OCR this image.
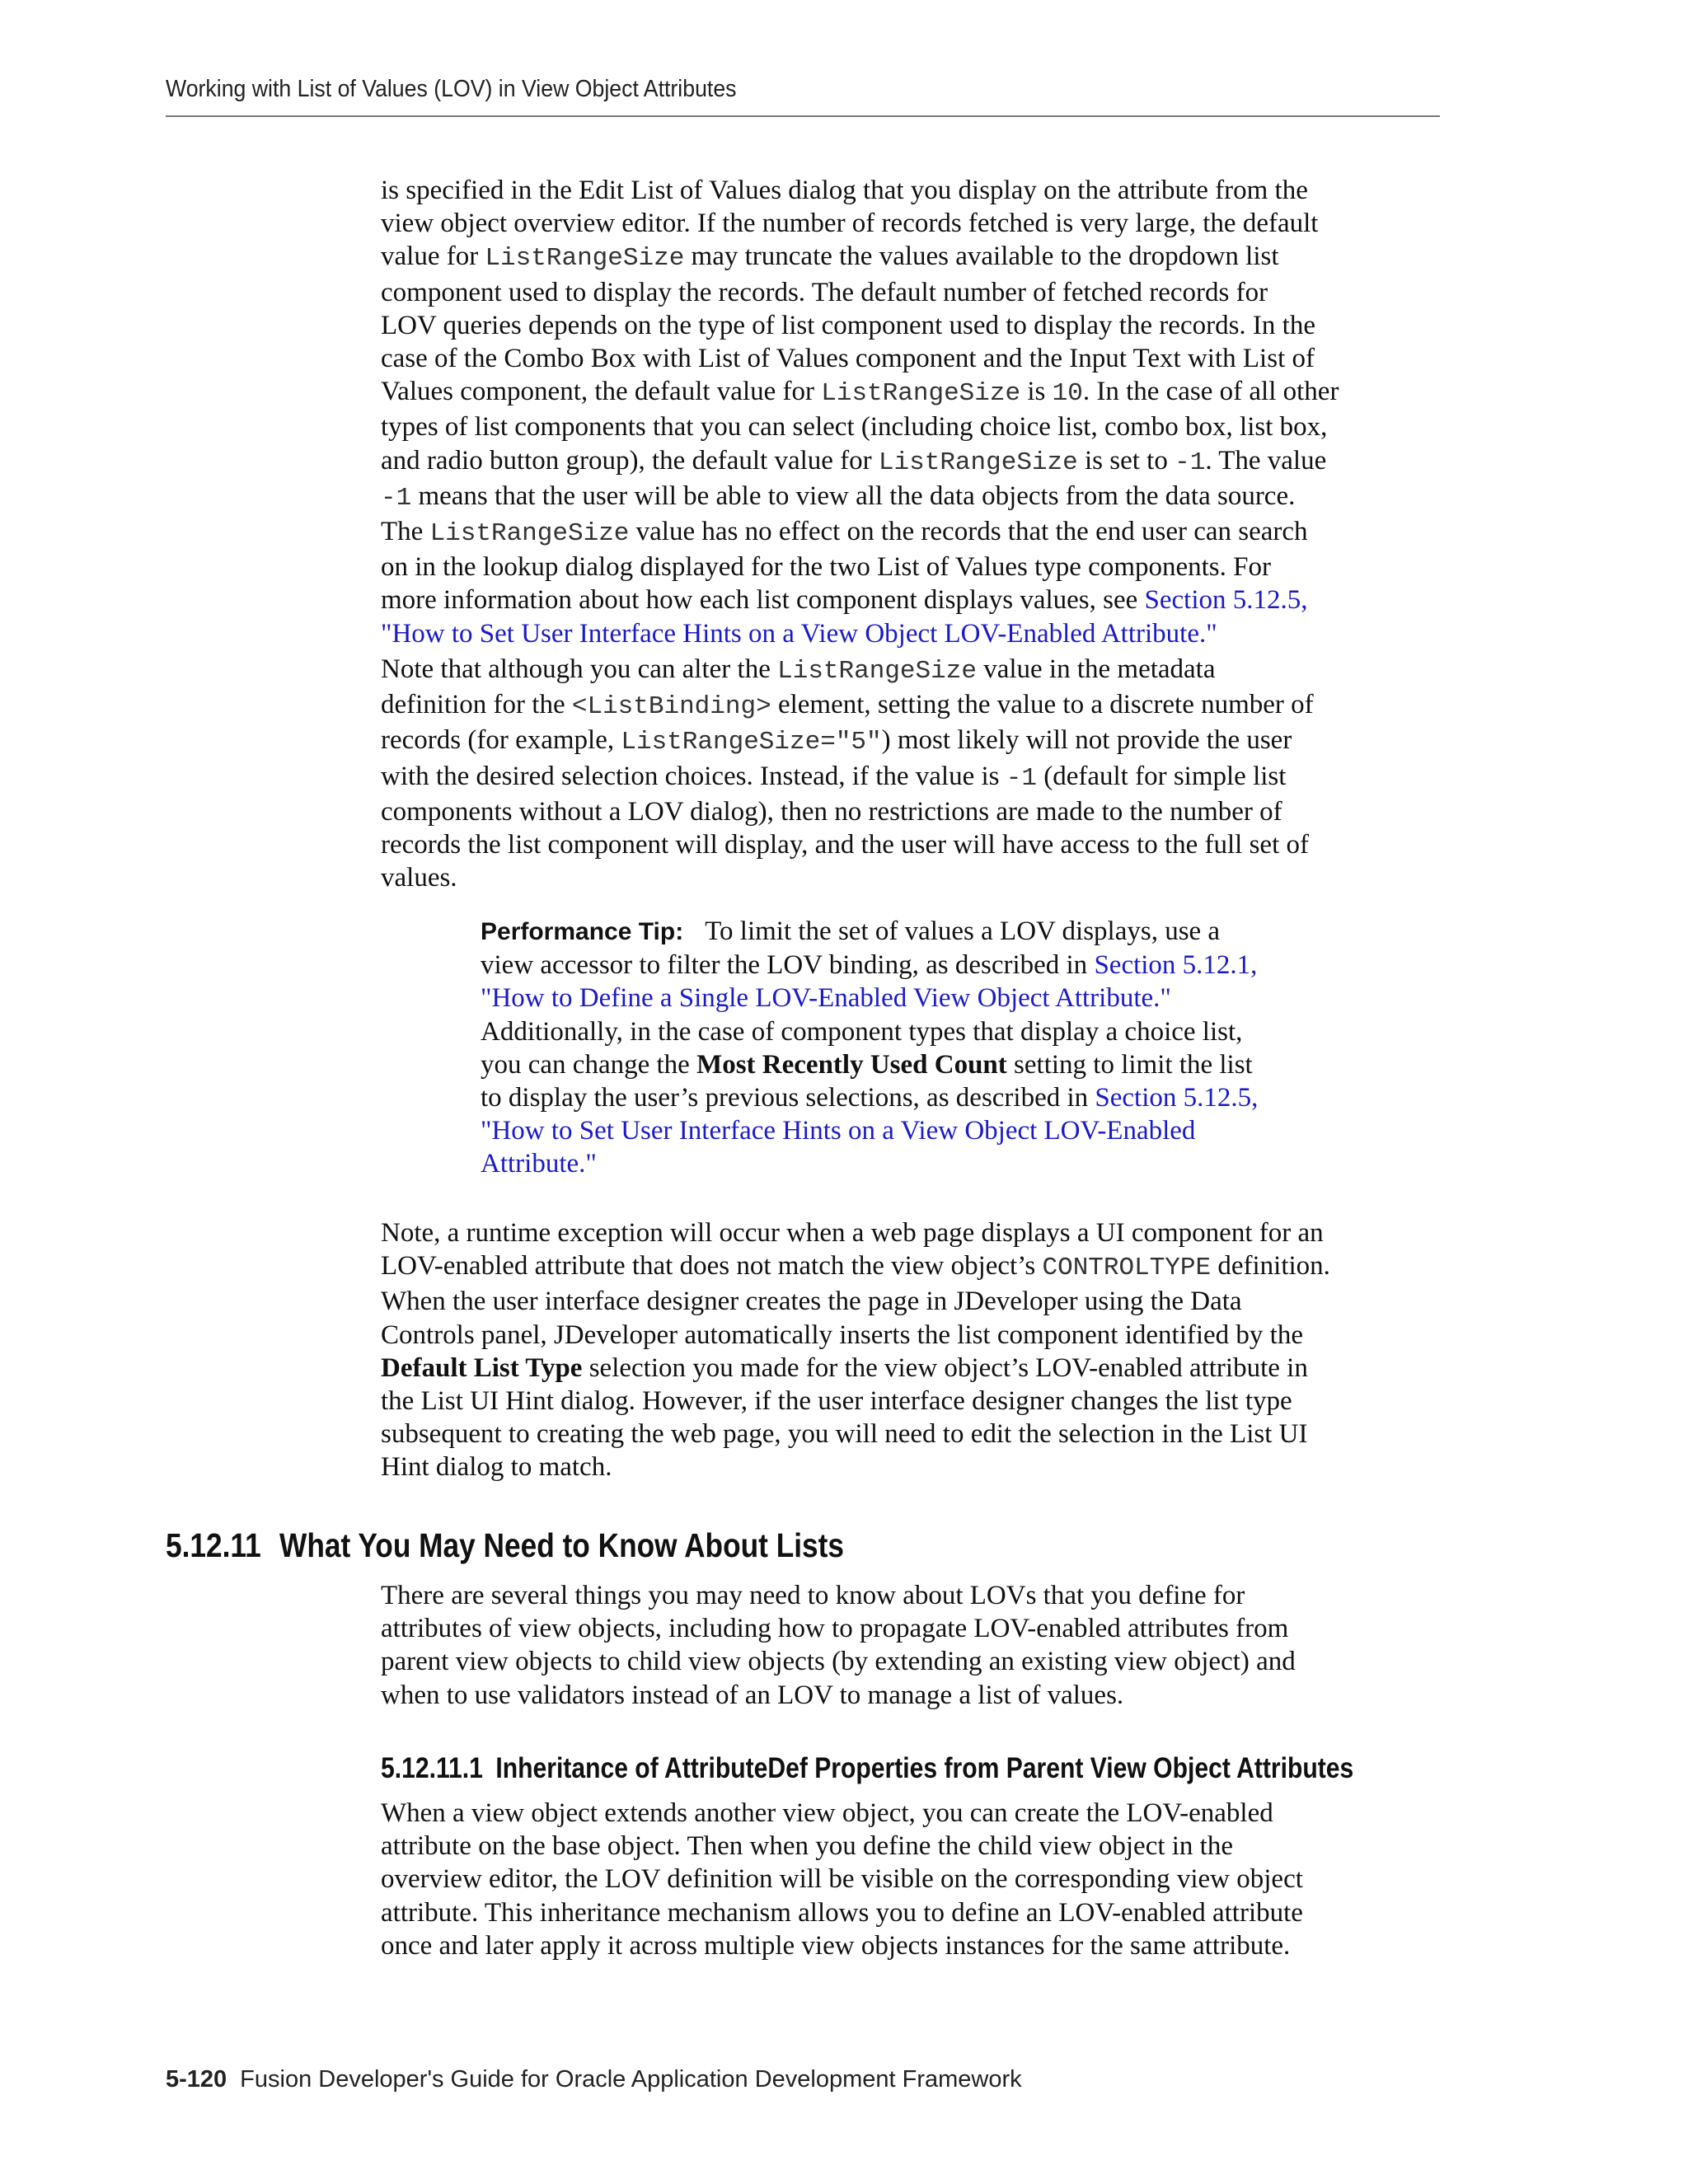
Working with List of Values (LOV) in View Object Attributes

is specified in the Edit List of Values dialog that you display on the attribute from the
view object overview editor. If the number of records fetched is very large, the default
value for ListRangeSize may truncate the values available to the dropdown list
component used to display the records. The default number of fetched records for
LOV queries depends on the type of list component used to display the records. In the
case of the Combo Box with List of Values component and the Input Text with List of
Values component, the default value for ListRangeSize is 10. In the case of all other
types of list components that you can select (including choice list, combo box, list box,
and radio button group), the default value for ListRangeSize is set to -1. The value
-1 means that the user will be able to view all the data objects from the data source.
The ListRangeSize value has no effect on the records that the end user can search
on in the lookup dialog displayed for the two List of Values type components. For
more information about how each list component displays values, see Section 5.12.5,
"How to Set User Interface Hints on a View Object LOV-Enabled Attribute."

Note that although you can alter the ListRangeSize value in the metadata
definition for the <ListBinding> element, setting the value to a discrete number of
records (for example, ListRangeSize="5") most likely will not provide the user
with the desired selection choices. Instead, if the value is -1 (default for simple list
components without a LOV dialog), then no restrictions are made to the number of
records the list component will display, and the user will have access to the full set of
values.

Performance Tip: To limit the set of values a LOV displays, use a
view accessor to filter the LOV binding, as described in Section 5.12.1,
"How to Define a Single LOV-Enabled View Object Attribute."
Additionally, in the case of component types that display a choice list,
you can change the Most Recently Used Count setting to limit the list
to display the user’s previous selections, as described in Section 5.12.5,
"How to Set User Interface Hints on a View Object LOV-Enabled
Attribute."

Note, a runtime exception will occur when a web page displays a UI component for an
LOV-enabled attribute that does not match the view object’s CONTROLTYPE definition.
When the user interface designer creates the page in JDeveloper using the Data
Controls panel, JDeveloper automatically inserts the list component identified by the
Default List Type selection you made for the view object’s LOV-enabled attribute in
the List UI Hint dialog. However, if the user interface designer changes the list type
subsequent to creating the web page, you will need to edit the selection in the List UI
Hint dialog to match.

5.12.11 What You May Need to Know About Lists

There are several things you may need to know about LOVs that you define for
attributes of view objects, including how to propagate LOV-enabled attributes from
parent view objects to child view objects (by extending an existing view object) and
when to use validators instead of an LOV to manage a list of values.

5.12.11.1 Inheritance of AttributeDef Properties from Parent View Object Attributes

When a view object extends another view object, you can create the LOV-enabled
attribute on the base object. Then when you define the child view object in the
overview editor, the LOV definition will be visible on the corresponding view object
attribute. This inheritance mechanism allows you to define an LOV-enabled attribute
once and later apply it across multiple view objects instances for the same attribute.

5-120 Fusion Developer's Guide for Oracle Application Development Framework
